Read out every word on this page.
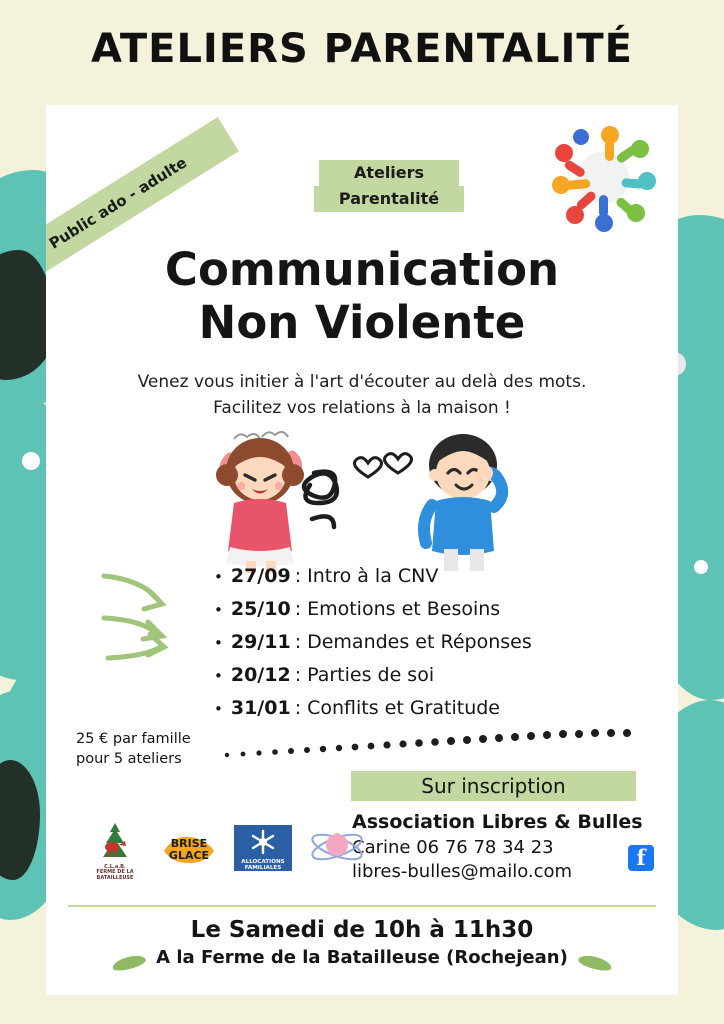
ATELIERS PARENTALITÉ
Public ado - adulte	Ateliers
Parentalité
Communication
Non Violente
Venez vous initier à l'art d'écouter au delà des mots.
Facilitez vos relations à la maison !
• 27/09 : Intro à la CNV
• 25/10 : Emotions et Besoins
• 29/11 : Demandes et Réponses
• 20/12 : Parties de soi
• 31/01 : Conflits et Gratitude
25 € par famille
pour 5 ateliers
Sur inscription
Association Libres & Bulles
Carine 06 76 78 34 23
libres-bulles@mailo.com
f
C.L.a.B.
FERME DE LA
BATAILLEUSE
BRISE
GLACE	ALLOCATIONS
FAMILIALES
Le Samedi de 10h à 11h30
A la Ferme de la Batailleuse (Rochejean)
